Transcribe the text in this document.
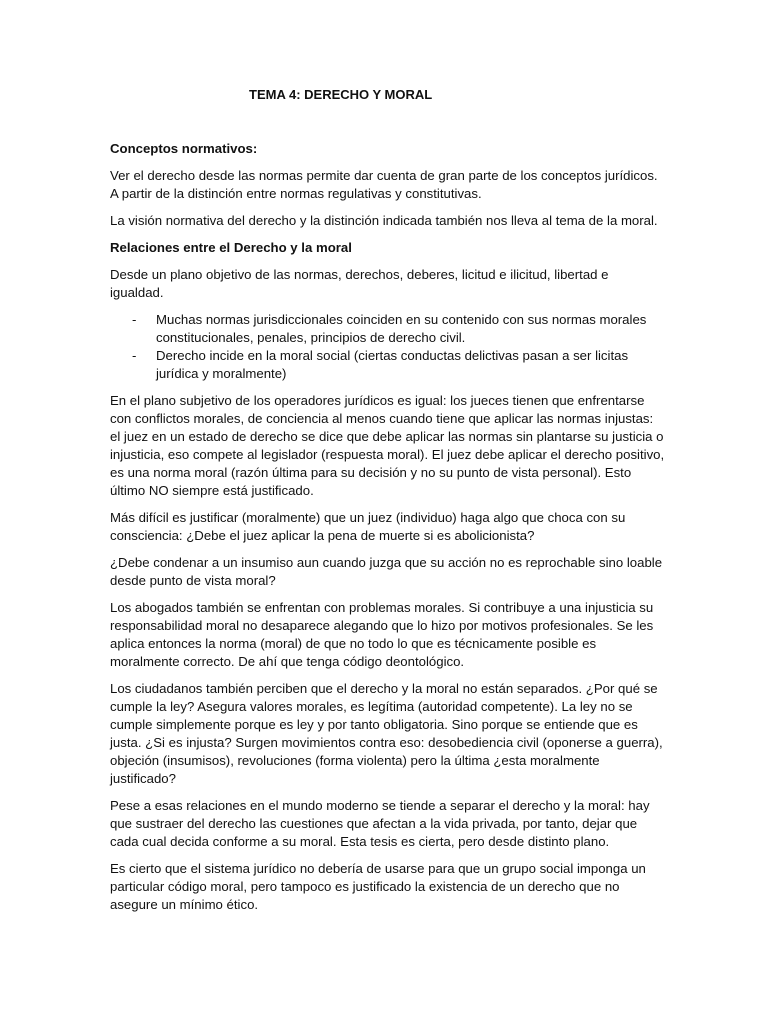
TEMA 4: DERECHO Y MORAL
Conceptos normativos:

Ver el derecho desde las normas permite dar cuenta de gran parte de los conceptos jurídicos. A partir de la distinción entre normas regulativas y constitutivas.

La visión normativa del derecho y la distinción indicada también nos lleva al tema de la moral.

Relaciones entre el Derecho y la moral

Desde un plano objetivo de las normas, derechos, deberes, licitud e ilicitud, libertad e igualdad.

- Muchas normas jurisdiccionales coinciden en su contenido con sus normas morales constitucionales, penales, principios de derecho civil.
- Derecho incide en la moral social (ciertas conductas delictivas pasan a ser licitas jurídica y moralmente)

En el plano subjetivo de los operadores jurídicos es igual: los jueces tienen que enfrentarse con conflictos morales, de conciencia al menos cuando tiene que aplicar las normas injustas: el juez en un estado de derecho se dice que debe aplicar las normas sin plantarse su justicia o injusticia, eso compete al legislador (respuesta moral). El juez debe aplicar el derecho positivo, es una norma moral (razón última para su decisión y no su punto de vista personal). Esto último NO siempre está justificado.

Más difícil es justificar (moralmente) que un juez (individuo) haga algo que choca con su consciencia: ¿Debe el juez aplicar la pena de muerte si es abolicionista?

¿Debe condenar a un insumiso aun cuando juzga que su acción no es reprochable sino loable desde punto de vista moral?

Los abogados también se enfrentan con problemas morales. Si contribuye a una injusticia su responsabilidad moral no desaparece alegando que lo hizo por motivos profesionales. Se les aplica entonces la norma (moral) de que no todo lo que es técnicamente posible es moralmente correcto. De ahí que tenga código deontológico.

Los ciudadanos también perciben que el derecho y la moral no están separados. ¿Por qué se cumple la ley? Asegura valores morales, es legítima (autoridad competente). La ley no se cumple simplemente porque es ley y por tanto obligatoria. Sino porque se entiende que es justa. ¿Si es injusta? Surgen movimientos contra eso: desobediencia civil (oponerse a guerra), objeción (insumisos), revoluciones (forma violenta) pero la última ¿esta moralmente justificado?

Pese a esas relaciones en el mundo moderno se tiende a separar el derecho y la moral: hay que sustraer del derecho las cuestiones que afectan a la vida privada, por tanto, dejar que cada cual decida conforme a su moral. Esta tesis es cierta, pero desde distinto plano.

Es cierto que el sistema jurídico no debería de usarse para que un grupo social imponga un particular código moral, pero tampoco es justificado la existencia de un derecho que no asegure un mínimo ético.
